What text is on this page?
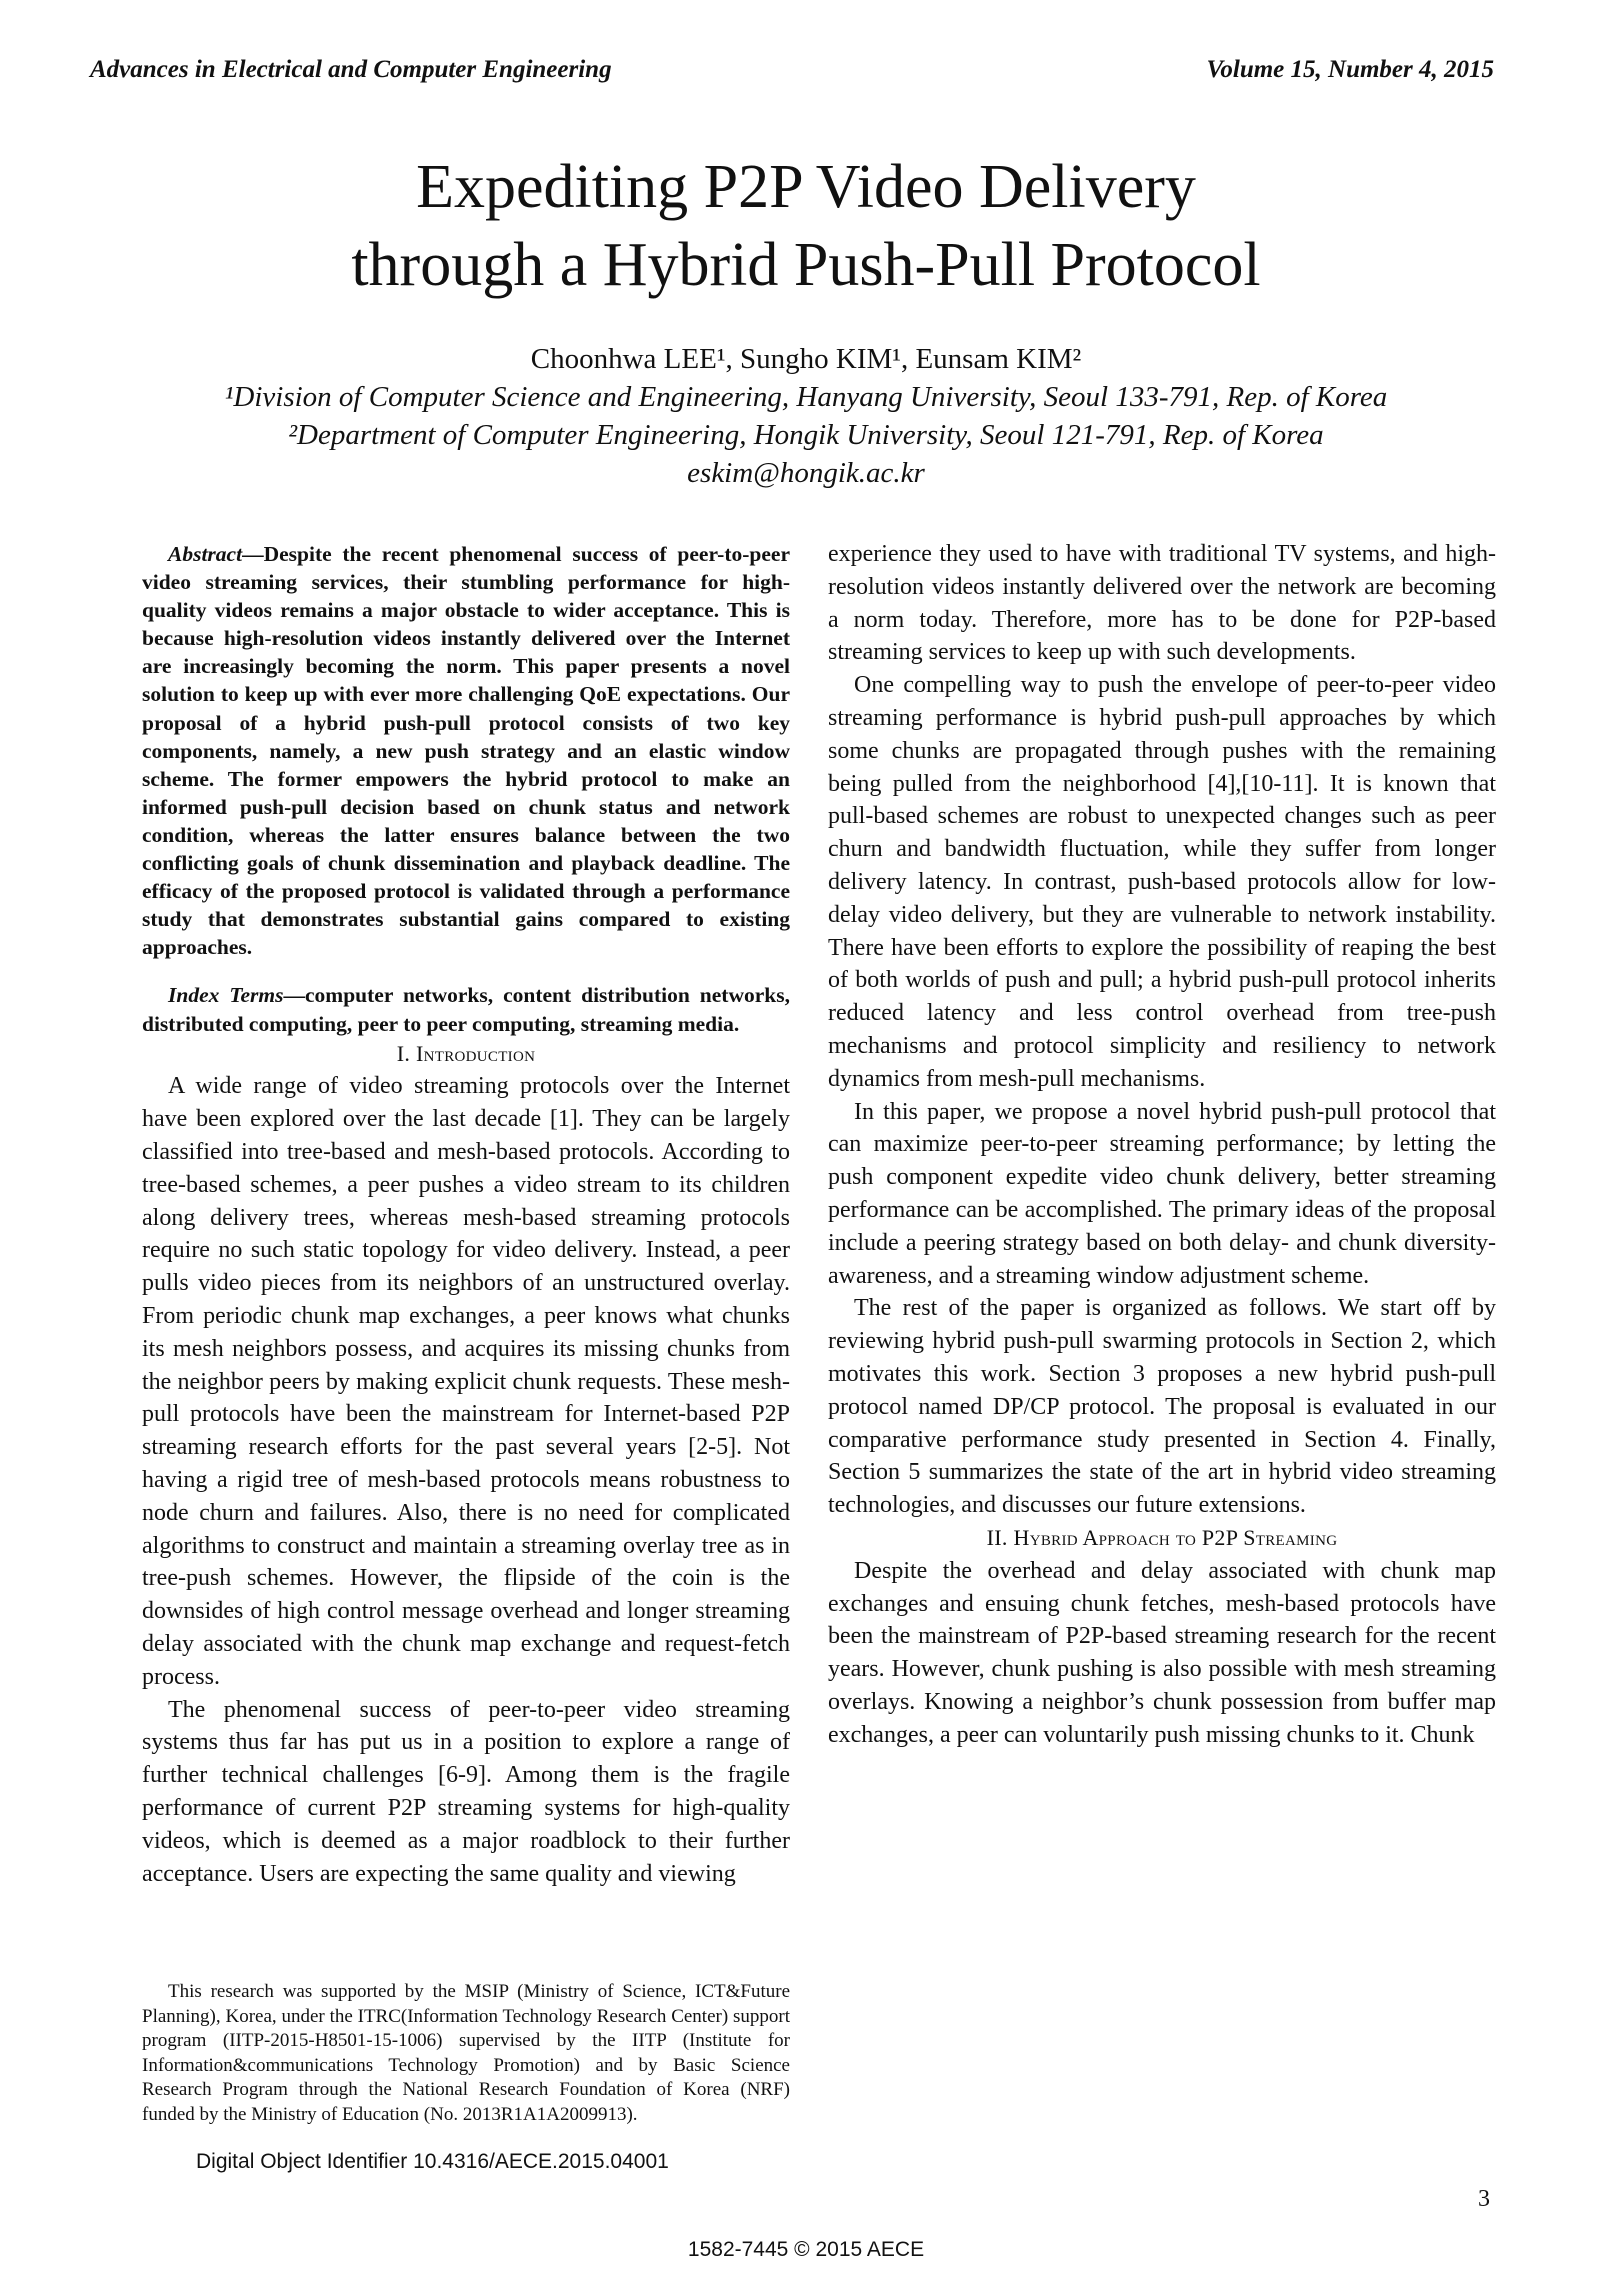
Advances in Electrical and Computer Engineering	Volume 15, Number 4, 2015
Expediting P2P Video Delivery
through a Hybrid Push-Pull Protocol
Choonhwa LEE¹, Sungho KIM¹, Eunsam KIM²
¹Division of Computer Science and Engineering, Hanyang University, Seoul 133-791, Rep. of Korea
²Department of Computer Engineering, Hongik University, Seoul 121-791, Rep. of Korea
eskim@hongik.ac.kr

Abstract—Despite the recent phenomenal success of peer-to-peer video streaming services, their stumbling performance for high-quality videos remains a major obstacle to wider acceptance. This is because high-resolution videos instantly delivered over the Internet are increasingly becoming the norm. This paper presents a novel solution to keep up with ever more challenging QoE expectations. Our proposal of a hybrid push-pull protocol consists of two key components, namely, a new push strategy and an elastic window scheme. The former empowers the hybrid protocol to make an informed push-pull decision based on chunk status and network condition, whereas the latter ensures balance between the two conflicting goals of chunk dissemination and playback deadline. The efficacy of the proposed protocol is validated through a performance study that demonstrates substantial gains compared to existing approaches.

Index Terms—computer networks, content distribution networks, distributed computing, peer to peer computing, streaming media.

I. Introduction

A wide range of video streaming protocols over the Internet have been explored over the last decade [1]. They can be largely classified into tree-based and mesh-based protocols. According to tree-based schemes, a peer pushes a video stream to its children along delivery trees, whereas mesh-based streaming protocols require no such static topology for video delivery. Instead, a peer pulls video pieces from its neighbors of an unstructured overlay. From periodic chunk map exchanges, a peer knows what chunks its mesh neighbors possess, and acquires its missing chunks from the neighbor peers by making explicit chunk requests. These mesh-pull protocols have been the mainstream for Internet-based P2P streaming research efforts for the past several years [2-5]. Not having a rigid tree of mesh-based protocols means robustness to node churn and failures. Also, there is no need for complicated algorithms to construct and maintain a streaming overlay tree as in tree-push schemes. However, the flipside of the coin is the downsides of high control message overhead and longer streaming delay associated with the chunk map exchange and request-fetch process.

The phenomenal success of peer-to-peer video streaming systems thus far has put us in a position to explore a range of further technical challenges [6-9]. Among them is the fragile performance of current P2P streaming systems for high-quality videos, which is deemed as a major roadblock to their further acceptance. Users are expecting the same quality and viewing

experience they used to have with traditional TV systems, and high-resolution videos instantly delivered over the network are becoming a norm today. Therefore, more has to be done for P2P-based streaming services to keep up with such developments.

One compelling way to push the envelope of peer-to-peer video streaming performance is hybrid push-pull approaches by which some chunks are propagated through pushes with the remaining being pulled from the neighborhood [4],[10-11]. It is known that pull-based schemes are robust to unexpected changes such as peer churn and bandwidth fluctuation, while they suffer from longer delivery latency. In contrast, push-based protocols allow for low-delay video delivery, but they are vulnerable to network instability. There have been efforts to explore the possibility of reaping the best of both worlds of push and pull; a hybrid push-pull protocol inherits reduced latency and less control overhead from tree-push mechanisms and protocol simplicity and resiliency to network dynamics from mesh-pull mechanisms.

In this paper, we propose a novel hybrid push-pull protocol that can maximize peer-to-peer streaming performance; by letting the push component expedite video chunk delivery, better streaming performance can be accomplished. The primary ideas of the proposal include a peering strategy based on both delay- and chunk diversity-awareness, and a streaming window adjustment scheme.

The rest of the paper is organized as follows. We start off by reviewing hybrid push-pull swarming protocols in Section 2, which motivates this work. Section 3 proposes a new hybrid push-pull protocol named DP/CP protocol. The proposal is evaluated in our comparative performance study presented in Section 4. Finally, Section 5 summarizes the state of the art in hybrid video streaming technologies, and discusses our future extensions.

II. Hybrid Approach to P2P Streaming

Despite the overhead and delay associated with chunk map exchanges and ensuing chunk fetches, mesh-based protocols have been the mainstream of P2P-based streaming research for the recent years. However, chunk pushing is also possible with mesh streaming overlays. Knowing a neighbor’s chunk possession from buffer map exchanges, a peer can voluntarily push missing chunks to it. Chunk

This research was supported by the MSIP (Ministry of Science, ICT&Future Planning), Korea, under the ITRC(Information Technology Research Center) support program (IITP-2015-H8501-15-1006) supervised by the IITP (Institute for Information&communications Technology Promotion) and by Basic Science Research Program through the National Research Foundation of Korea (NRF) funded by the Ministry of Education (No. 2013R1A1A2009913).

Digital Object Identifier 10.4316/AECE.2015.04001
3
1582-7445 © 2015 AECE
